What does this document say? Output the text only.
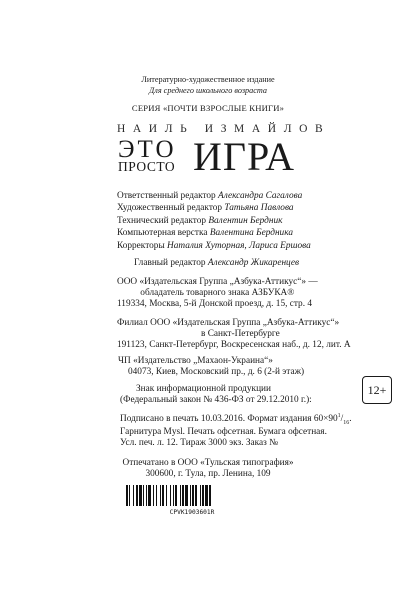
Литературно-художественное издание
Для среднего школьного возраста
СЕРИЯ «ПОЧТИ ВЗРОСЛЫЕ КНИГИ»
НАИЛЬ ИЗМАЙЛОВ
ЭТО
ПРОСТО ИГРА
Ответственный редактор Александра Сагалова
Художественный редактор Татьяна Павлова
Технический редактор Валентин Бердник
Компьютерная верстка Валентина Бердника
Корректоры Наталия Хуторная, Лариса Ершова
Главный редактор Александр Жикаренцев
ООО «Издательская Группа „Азбука-Аттикус“» —
обладатель товарного знака АЗБУКА®
119334, Москва, 5-й Донской проезд, д. 15, стр. 4
Филиал ООО «Издательская Группа „Азбука-Аттикус“»
в Санкт-Петербурге
191123, Санкт-Петербург, Воскресенская наб., д. 12, лит. А
ЧП «Издательство „Махаон-Украина“»
04073, Киев, Московский пр., д. 6 (2-й этаж)
Знак информационной продукции
(Федеральный закон № 436-ФЗ от 29.12.2010 г.):
12+
Подписано в печать 10.03.2016. Формат издания $60\times 90^1/_{16}$.
Гарнитура Mysl. Печать офсетная. Бумага офсетная.
Усл. печ. л. 12. Тираж 3000 экз. Заказ №
Отпечатано в ООО «Тульская типография»
300600, г. Тула, пр. Ленина, 109
CPVK1903601R
